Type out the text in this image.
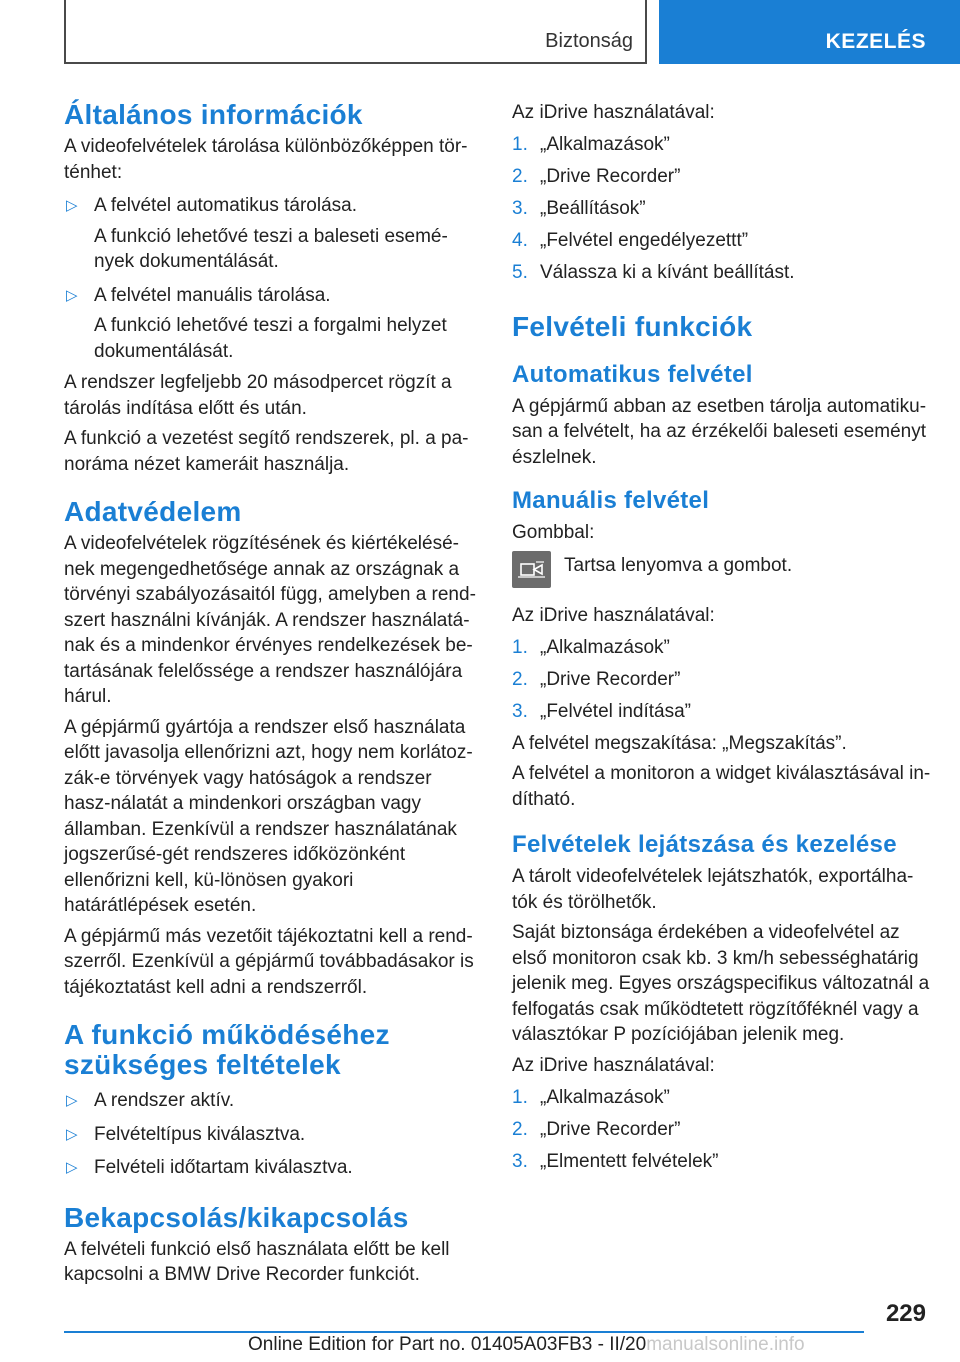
Biztonság	KEZELÉS
Általános információk

A videofelvételek tárolása különbözőképpen tör-ténhet:

▷ A felvétel automatikus tárolása.
A funkció lehetővé teszi a baleseti esemé-nyek dokumentálását.
▷ A felvétel manuális tárolása.
A funkció lehetővé teszi a forgalmi helyzet dokumentálását.

A rendszer legfeljebb 20 másodpercet rögzít a tárolás indítása előtt és után.

A funkció a vezetést segítő rendszerek, pl. a pa-noráma nézet kameráit használja.

Adatvédelem

A videofelvételek rögzítésének és kiértékelésé-nek megengedhetősége annak az országnak a törvényi szabályozásaitól függ, amelyben a rend-szert használni kívánják. A rendszer használatá-nak és a mindenkor érvényes rendelkezések be-tartásának felelőssége a rendszer használójára hárul.

A gépjármű gyártója a rendszer első használata előtt javasolja ellenőrizni azt, hogy nem korlátoz-zák-e törvények vagy hatóságok a rendszer hasz-nálatát a mindenkori országban vagy államban. Ezenkívül a rendszer használatának jogszerűsé-gét rendszeres időközönként ellenőrizni kell, kü-lönösen gyakori határátlépések esetén.

A gépjármű más vezetőit tájékoztatni kell a rend-szerről. Ezenkívül a gépjármű továbbadásakor is tájékoztatást kell adni a rendszerről.

A funkció működéséhez szükséges feltételek
▷ A rendszer aktív.
▷ Felvételtípus kiválasztva.
▷ Felvételi időtartam kiválasztva.
Bekapcsolás/kikapcsolás

A felvételi funkció első használata előtt be kell kapcsolni a BMW Drive Recorder funkciót.

Az iDrive használatával:

1. „Alkalmazások”
2. „Drive Recorder”
3. „Beállítások”
4. „Felvétel engedélyezettt”
5. Válassza ki a kívánt beállítást.
Felvételi funkciók
Automatikus felvétel

A gépjármű abban az esetben tárolja automatiku-san a felvételt, ha az érzékelői baleseti eseményt észlelnek.

Manuális felvétel

Gombbal:

Tartsa lenyomva a gombot.

Az iDrive használatával:

1. „Alkalmazások”
2. „Drive Recorder”
3. „Felvétel indítása”

A felvétel megszakítása: „Megszakítás”.

A felvétel a monitoron a widget kiválasztásával in-dítható.

Felvételek lejátszása és kezelése

A tárolt videofelvételek lejátszhatók, exportálha-tók és törölhetők.

Saját biztonsága érdekében a videofelvétel az első monitoron csak kb. 3 km/h sebességhatárig jelenik meg. Egyes országspecifikus változatnál a felfogatás csak működtetett rögzítőféknél vagy a választókar P pozíciójában jelenik meg.

Az iDrive használatával:

1. „Alkalmazások”
2. „Drive Recorder”
3. „Elmentett felvételek”
229
Online Edition for Part no. 01405A03FB3 - II/20manualsonline.info
